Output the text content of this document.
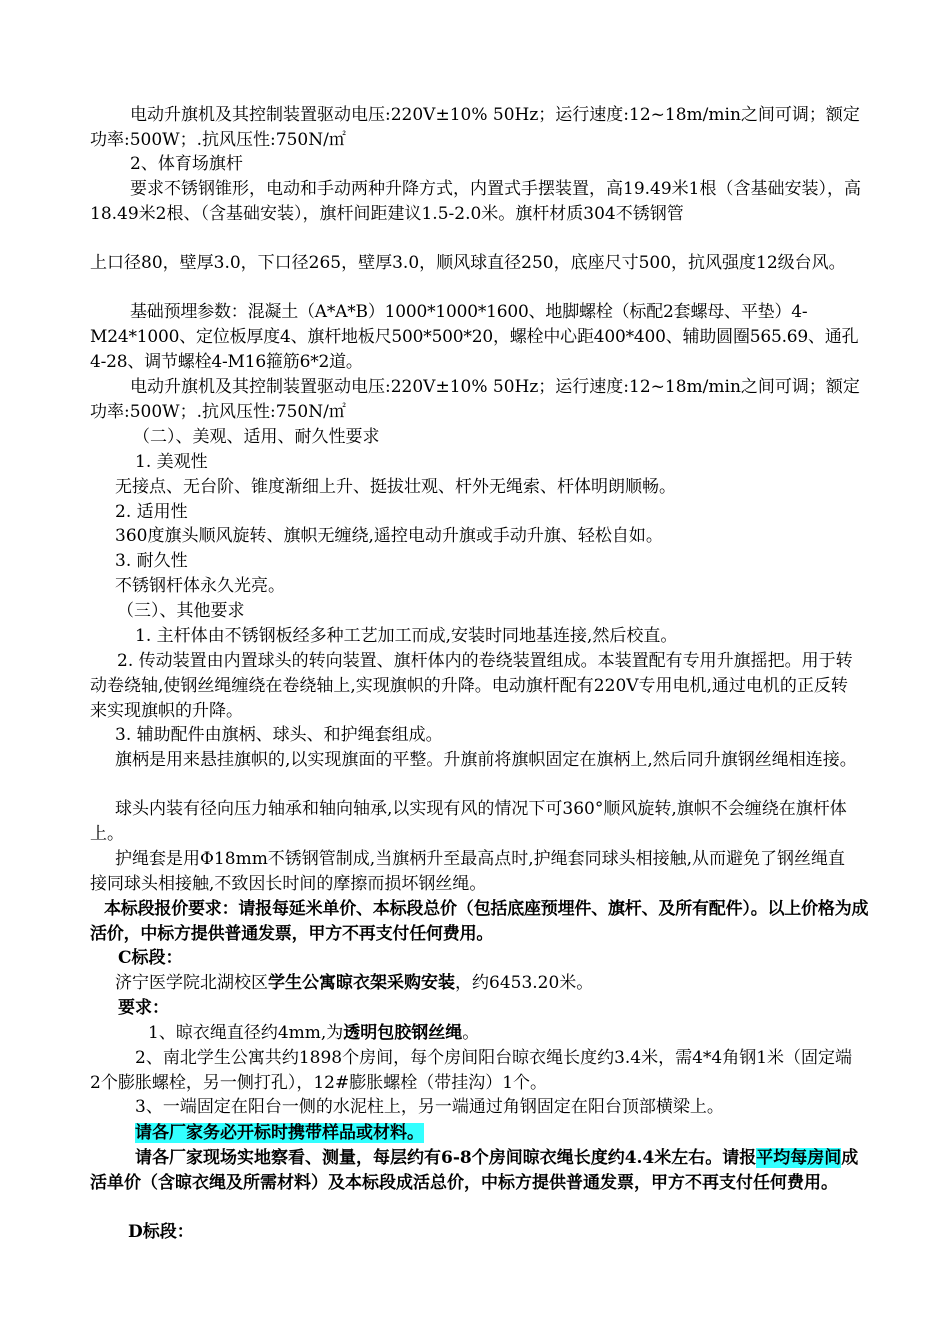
电动升旗机及其控制装置驱动电压:220V±10% 50Hz；运行速度:12~18m/min之间可调；额定功率:500W；.抗风压性:750N/㎡

2、体育场旗杆

要求不锈钢锥形，电动和手动两种升降方式，内置式手摆装置，高19.49米1根（含基础安装），高18.49米2根、（含基础安装），旗杆间距建议1.5-2.0米。旗杆材质304不锈钢管

上口径80，壁厚3.0，下口径265，壁厚3.0，顺风球直径250，底座尺寸500，抗风强度12级台风。

基础预埋参数：混凝土（A*A*B）1000*1000*1600、地脚螺栓（标配2套螺母、平垫）4-M24*1000、定位板厚度4、旗杆地板尺500*500*20，螺栓中心距400*400、辅助圆圈565.69、通孔4-28、调节螺栓4-M16箍筋6*2道。

电动升旗机及其控制装置驱动电压:220V±10% 50Hz；运行速度:12~18m/min之间可调；额定功率:500W；.抗风压性:750N/㎡

（二）、美观、适用、耐久性要求

1. 美观性

无接点、无台阶、锥度渐细上升、挺拔壮观、杆外无绳索、杆体明朗顺畅。

2. 适用性

360度旗头顺风旋转、旗帜无缠绕,遥控电动升旗或手动升旗、轻松自如。

3. 耐久性

不锈钢杆体永久光亮。

（三）、其他要求

1. 主杆体由不锈钢板经多种工艺加工而成,安装时同地基连接,然后校直。

2. 传动装置由内置球头的转向装置、旗杆体内的卷绕装置组成。本装置配有专用升旗摇把。用于转动卷绕轴,使钢丝绳缠绕在卷绕轴上,实现旗帜的升降。电动旗杆配有220V专用电机,通过电机的正反转来实现旗帜的升降。

3. 辅助配件由旗柄、球头、和护绳套组成。

旗柄是用来悬挂旗帜的,以实现旗面的平整。升旗前将旗帜固定在旗柄上,然后同升旗钢丝绳相连接。

球头内装有径向压力轴承和轴向轴承,以实现有风的情况下可360°顺风旋转,旗帜不会缠绕在旗杆体上。

护绳套是用Φ18mm不锈钢管制成,当旗柄升至最高点时,护绳套同球头相接触,从而避免了钢丝绳直接同球头相接触,不致因长时间的摩擦而损坏钢丝绳。

本标段报价要求：请报每延米单价、本标段总价（包括底座预埋件、旗杆、及所有配件）。以上价格为成活价，中标方提供普通发票，甲方不再支付任何费用。

C标段：

济宁医学院北湖校区学生公寓晾衣架采购安装，约6453.20米。

要求：

1、晾衣绳直径约4mm,为透明包胶钢丝绳。

2、南北学生公寓共约1898个房间，每个房间阳台晾衣绳长度约3.4米，需4*4角钢1米（固定端2个膨胀螺栓，另一侧打孔），12#膨胀螺栓（带挂沟）1个。

3、一端固定在阳台一侧的水泥柱上，另一端通过角钢固定在阳台顶部横梁上。

请各厂家务必开标时携带样品或材料。

请各厂家现场实地察看、测量，每层约有6-8个房间晾衣绳长度约4.4米左右。请报平均每房间成活单价（含晾衣绳及所需材料）及本标段成活总价，中标方提供普通发票，甲方不再支付任何费用。

D标段：
